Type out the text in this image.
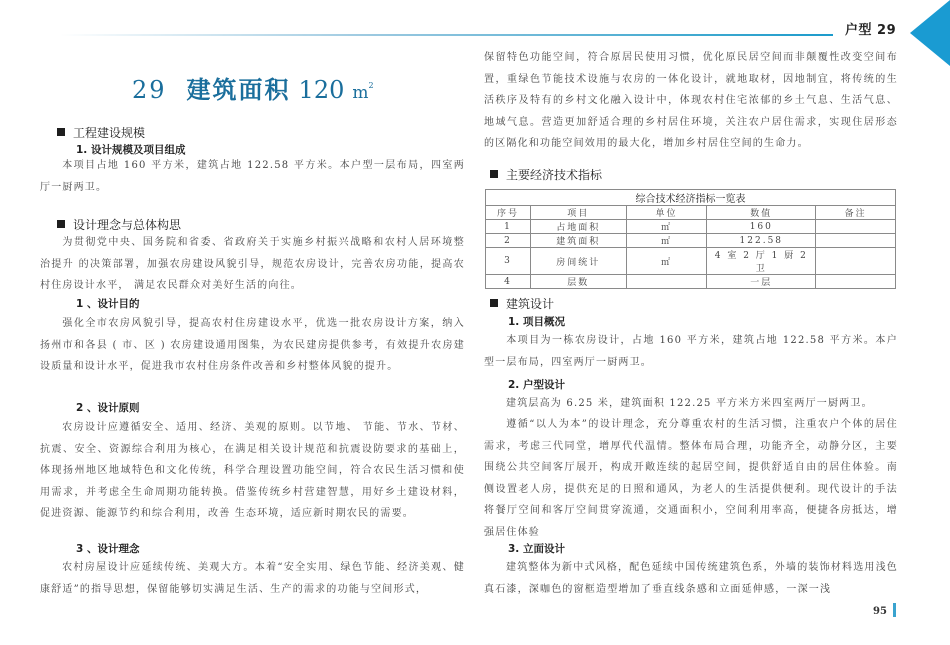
户型 29
29 建筑面积 120 $m^2$
工程建设规模
1. 设计规模及项目组成
本项目占地 160 平方米，建筑占地 122.58 平方米。本户型一层布局，四室两厅一厨两卫。
设计理念与总体构思
为贯彻党中央、国务院和省委、省政府关于实施乡村振兴战略和农村人居环境整治提升 的决策部署，加强农房建设风貌引导，规范农房设计，完善农房功能，提高农村住房设计水平， 满足农民群众对美好生活的向往。
1 、设计目的
强化全市农房风貌引导，提高农村住房建设水平，优选一批农房设计方案，纳入扬州市和各县 ( 市、区 ) 农房建设通用图集，为农民建房提供参考，有效提升农房建设质量和设计水平，促进我市农村住房条件改善和乡村整体风貌的提升。
2 、设计原则
农房设计应遵循安全、适用、经济、美观的原则。以节地、 节能、节水、节材、抗震、安全、资源综合利用为核心，在满足相关设计规范和抗震设防要求的基础上，体现扬州地区地域特色和文化传统，科学合理设置功能空间，符合农民生活习惯和使用需求，并考虑全生命周期功能转换。借鉴传统乡村营建智慧，用好乡土建设材料，促进资源、能源节约和综合利用，改善 生态环境，适应新时期农民的需要。
3 、设计理念
农村房屋设计应延续传统、美观大方。本着“安全实用、绿色节能、经济美观、健康舒适”的指导思想，保留能够切实满足生活、生产的需求的功能与空间形式，
保留特色功能空间，符合原居民使用习惯，优化原民居空间而非颠覆性改变空间布置，重绿色节能技术设施与农房的一体化设计，就地取材，因地制宜，将传统的生活秩序及特有的乡村文化融入设计中，体现农村住宅浓郁的乡土气息、生活气息、地域气息。营造更加舒适合理的乡村居住环境，关注农户居住需求，实现住居形态的区隔化和功能空间效用的最大化，增加乡村居住空间的生命力。
主要经济技术指标
综合技术经济指标一览表				
序号	项目	单位	数值	备注
1	占地面积	㎡	160	
2	建筑面积	㎡	122.58	
3	房间统计	㎡	4 室 2 厅 1 厨 2 卫	
4	层数		一层	
建筑设计
1. 项目概况
本项目为一栋农房设计，占地 160 平方米，建筑占地 122.58 平方米。本户型一层布局，四室两厅一厨两卫。
2. 户型设计
建筑层高为 6.25 米，建筑面积 122.25 平方米方米四室两厅一厨两卫。
遵循“以人为本”的设计理念，充分尊重农村的生活习惯，注重农户个体的居住需求，考虑三代同堂，增厚代代温情。整体布局合理，功能齐全，动静分区，主要围绕公共空间客厅展开，构成开敞连续的起居空间，提供舒适自由的居住体验。南侧设置老人房，提供充足的日照和通风，为老人的生活提供便利。现代设计的手法将餐厅空间和客厅空间贯穿流通，交通面积小，空间利用率高，便捷各房抵达，增强居住体验
3. 立面设计
建筑整体为新中式风格，配色延续中国传统建筑色系，外墙的装饰材料选用浅色真石漆，深咖色的窗框造型增加了垂直线条感和立面延伸感，一深一浅
95
